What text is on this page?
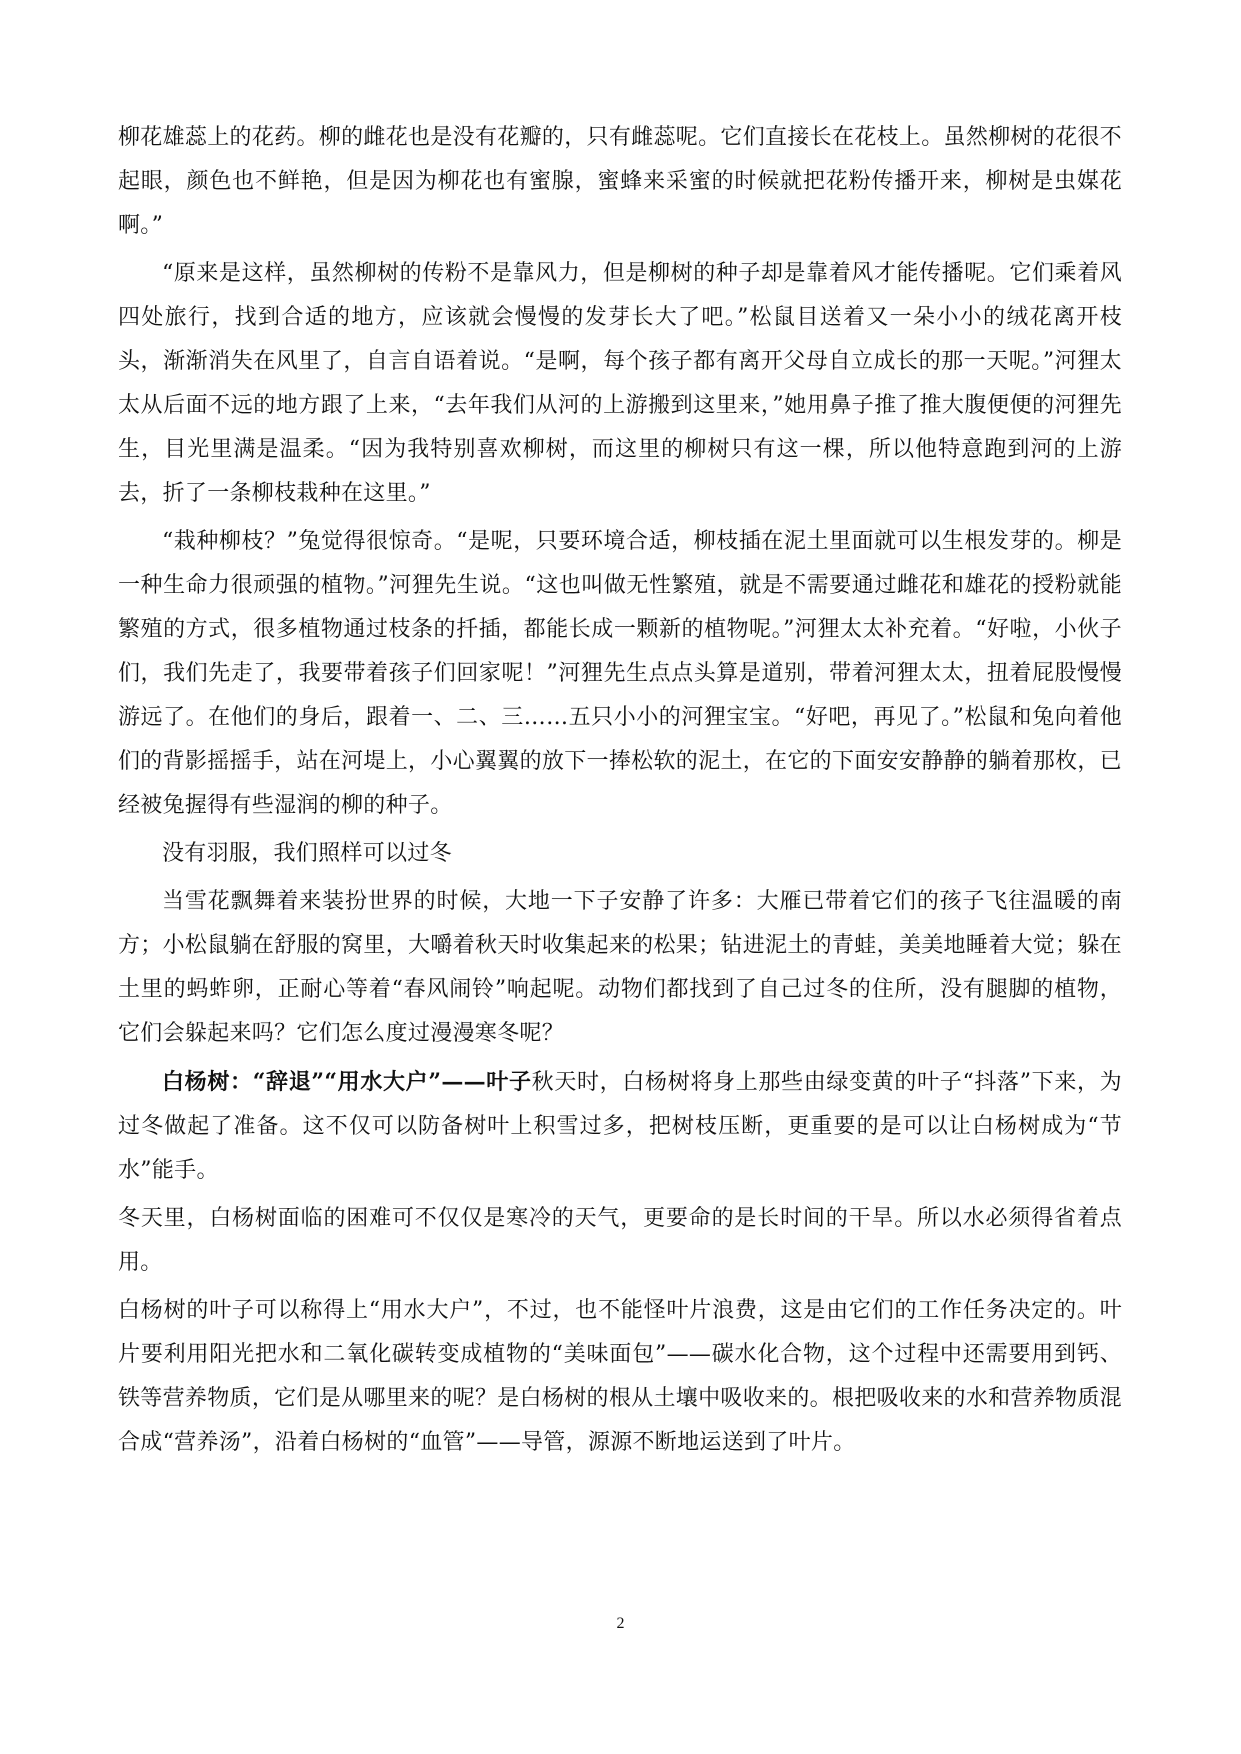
柳花雄蕊上的花药。柳的雌花也是没有花瓣的，只有雌蕊呢。它们直接长在花枝上。虽然柳树的花很不起眼，颜色也不鲜艳，但是因为柳花也有蜜腺，蜜蜂来采蜜的时候就把花粉传播开来，柳树是虫媒花啊。”

“原来是这样，虽然柳树的传粉不是靠风力，但是柳树的种子却是靠着风才能传播呢。它们乘着风四处旅行，找到合适的地方，应该就会慢慢的发芽长大了吧。”松鼠目送着又一朵小小的绒花离开枝头，渐渐消失在风里了，自言自语着说。“是啊，每个孩子都有离开父母自立成长的那一天呢。”河狸太太从后面不远的地方跟了上来，“去年我们从河的上游搬到这里来，”她用鼻子推了推大腹便便的河狸先生，目光里满是温柔。“因为我特别喜欢柳树，而这里的柳树只有这一棵，所以他特意跑到河的上游去，折了一条柳枝栽种在这里。”

“栽种柳枝？”兔觉得很惊奇。“是呢，只要环境合适，柳枝插在泥土里面就可以生根发芽的。柳是一种生命力很顽强的植物。”河狸先生说。“这也叫做无性繁殖，就是不需要通过雌花和雄花的授粉就能繁殖的方式，很多植物通过枝条的扦插，都能长成一颗新的植物呢。”河狸太太补充着。“好啦，小伙子们，我们先走了，我要带着孩子们回家呢！”河狸先生点点头算是道别，带着河狸太太，扭着屁股慢慢游远了。在他们的身后，跟着一、二、三……五只小小的河狸宝宝。“好吧，再见了。”松鼠和兔向着他们的背影摇摇手，站在河堤上，小心翼翼的放下一捧松软的泥土，在它的下面安安静静的躺着那枚，已经被兔握得有些湿润的柳的种子。

没有羽服，我们照样可以过冬

当雪花飘舞着来装扮世界的时候，大地一下子安静了许多：大雁已带着它们的孩子飞往温暖的南方；小松鼠躺在舒服的窝里，大嚼着秋天时收集起来的松果；钻进泥土的青蛙，美美地睡着大觉；躲在土里的蚂蚱卵，正耐心等着“春风闹铃”响起呢。动物们都找到了自己过冬的住所，没有腿脚的植物，它们会躲起来吗？它们怎么度过漫漫寒冬呢？

白杨树：“辞退”“用水大户”——叶子秋天时，白杨树将身上那些由绿变黄的叶子“抖落”下来，为过冬做起了准备。这不仅可以防备树叶上积雪过多，把树枝压断，更重要的是可以让白杨树成为“节水”能手。

冬天里，白杨树面临的困难可不仅仅是寒冷的天气，更要命的是长时间的干旱。所以水必须得省着点用。

白杨树的叶子可以称得上“用水大户”，不过，也不能怪叶片浪费，这是由它们的工作任务决定的。叶片要利用阳光把水和二氧化碳转变成植物的“美味面包”——碳水化合物，这个过程中还需要用到钙、铁等营养物质，它们是从哪里来的呢？是白杨树的根从土壤中吸收来的。根把吸收来的水和营养物质混合成“营养汤”，沿着白杨树的“血管”——导管，源源不断地运送到了叶片。

2
